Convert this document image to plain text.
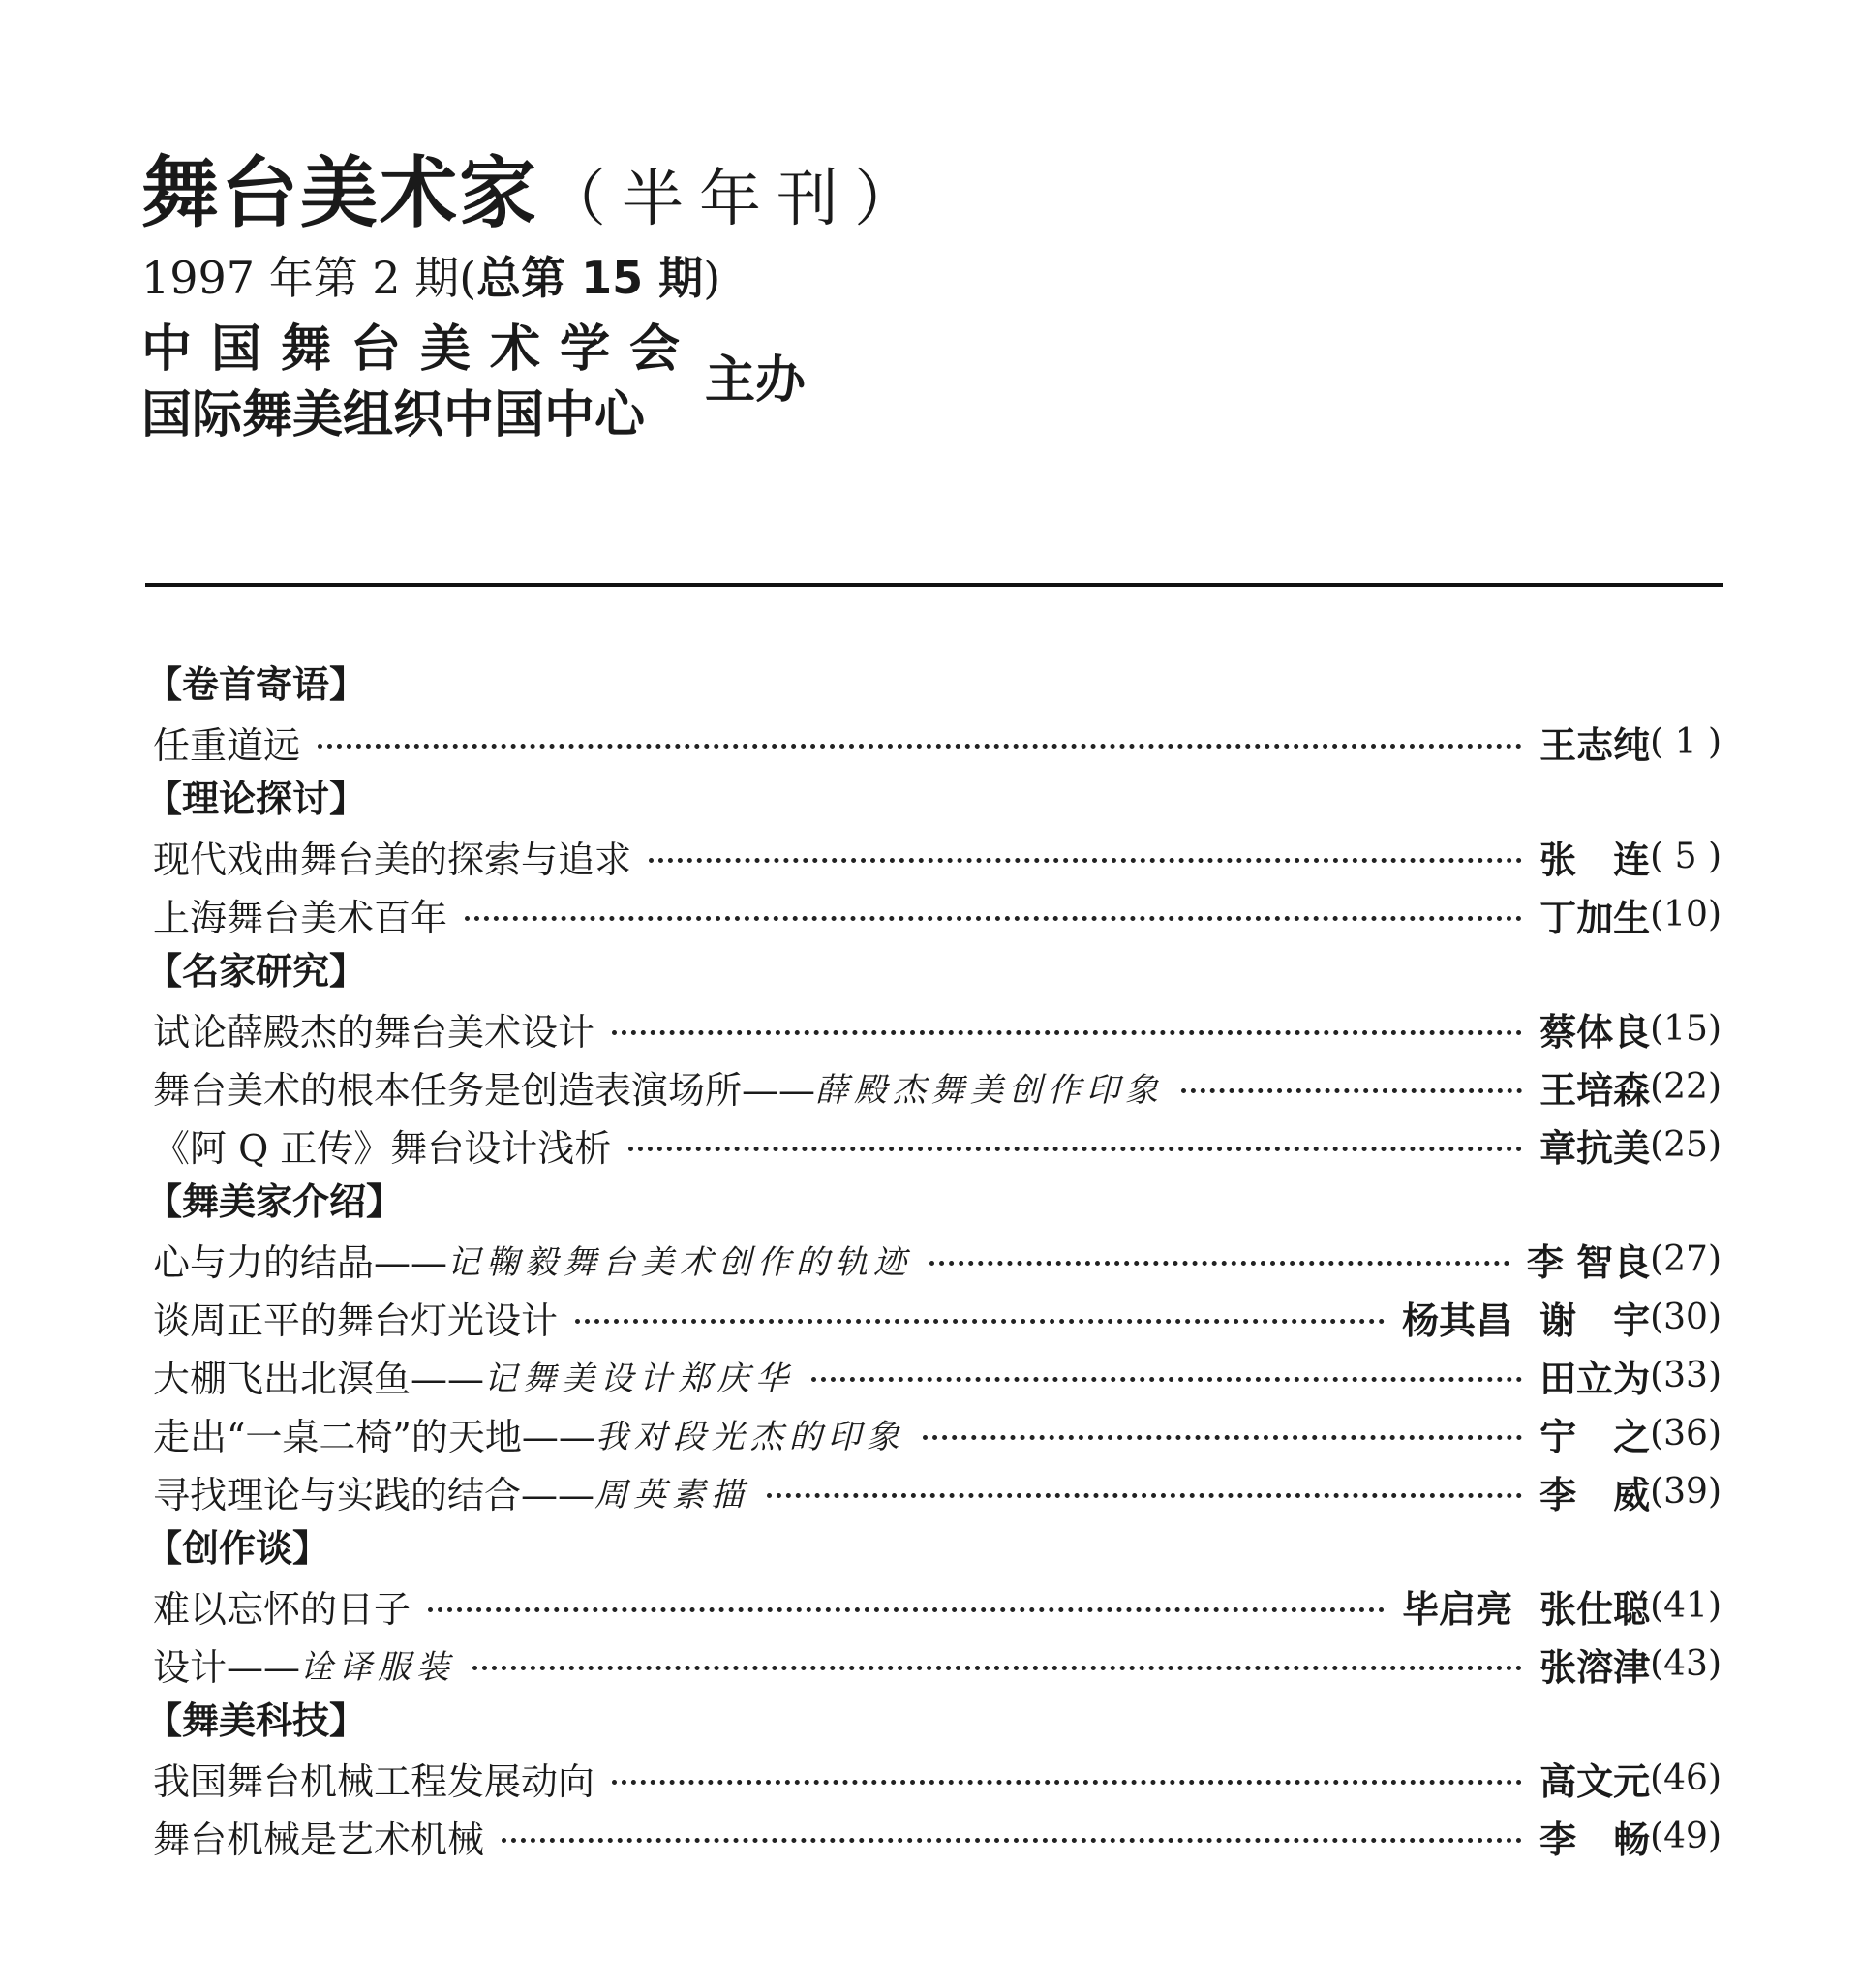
舞台美术家 （半年刊）
1997 年第 2 期(总第 15 期)
中国舞台美术学会
国际舞美组织中国中心
主办
【卷首寄语】
任重道远	王志纯 ( 1 )
【理论探讨】
现代戏曲舞台美的探索与追求	张　连 ( 5 )
上海舞台美术百年	丁加生 (10)
【名家研究】
试论薛殿杰的舞台美术设计	蔡体良 (15)
舞台美术的根本任务是创造表演场所—— 薛殿杰舞美创作印象	王培森 (22)
《阿 Q 正传》舞台设计浅析	章抗美 (25)
【舞美家介绍】
心与力的结晶—— 记鞠毅舞台美术创作的轨迹	李 智良 (27)
谈周正平的舞台灯光设计	杨其昌 谢　宇 (30)
大棚飞出北溟鱼—— 记舞美设计郑庆华	田立为 (33)
走出“一桌二椅”的天地—— 我对段光杰的印象	宁　之 (36)
寻找理论与实践的结合—— 周英素描	李　威 (39)
【创作谈】
难以忘怀的日子	毕启亮 张仕聪 (41)
设计—— 诠译服装	张溶津 (43)
【舞美科技】
我国舞台机械工程发展动向	高文元 (46)
舞台机械是艺术机械	李　畅 (49)
